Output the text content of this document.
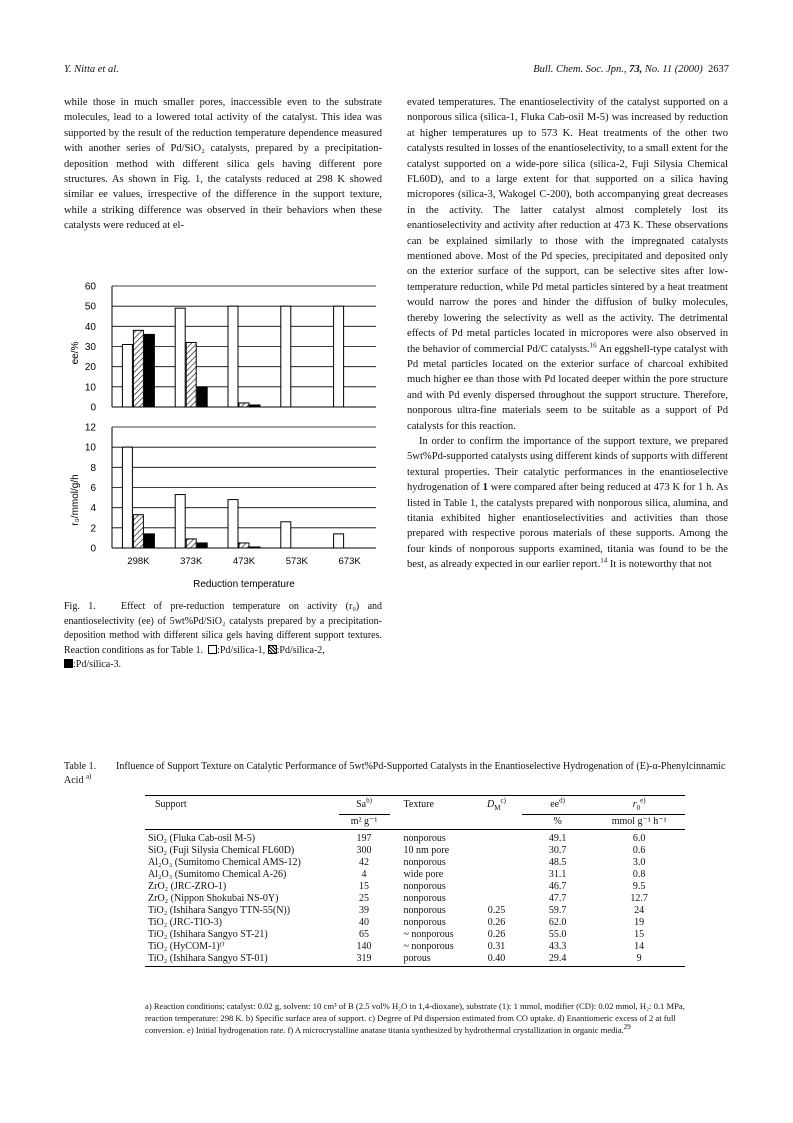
Y. Nitta et al.	Bull. Chem. Soc. Jpn., 73, No. 11 (2000) 2637

while those in much smaller pores, inaccessible even to the substrate molecules, lead to a lowered total activity of the catalyst. This idea was supported by the result of the reduction temperature dependence measured with another series of Pd/SiO₂ catalysts, prepared by a precipitation-deposition method with different silica gels having different pore structures. As shown in Fig. 1, the catalysts reduced at 298 K showed similar ee values, irrespective of the difference in the support texture, while a striking difference was observed in their behaviors when these catalysts were reduced at el-

0
10
20
30
40
50
60
0
2
4
6
8
10
12
298K	373K	473K	573K	673K
ee/%
r₀/mmol/g/h
Reduction temperature

Fig. 1.	Effect of pre-reduction temperature on activity (r₀) and enantioselectivity (ee) of 5wt%Pd/SiO₂ catalysts prepared by a precipitation-deposition method with different silica gels having different support textures. Reaction conditions as for Table 1. :Pd/silica-1, :Pd/silica-2,
:Pd/silica-3.

evated temperatures. The enantioselectivity of the catalyst supported on a nonporous silica (silica-1, Fluka Cab-osil M-5) was increased by reduction at higher temperatures up to 573 K. Heat treatments of the other two catalysts resulted in losses of the enantioselectivity, to a small extent for the catalyst supported on a wide-pore silica (silica-2, Fuji Silysia Chemical FL60D), and to a large extent for that supported on a silica having micropores (silica-3, Wakogel C-200), both accompanying great decreases in the activity. The latter catalyst almost completely lost its enantioselectivity and activity after reduction at 473 K. These observations can be explained similarly to those with the impregnated catalysts mentioned above. Most of the Pd species, precipitated and deposited only on the exterior surface of the support, can be selective sites after low-temperature reduction, while Pd metal particles sintered by a heat treatment would narrow the pores and hinder the diffusion of bulky molecules, thereby lowering the selectivity as well as the activity. The detrimental effects of Pd metal particles located in micropores were also observed in the behavior of commercial Pd/C catalysts.$^{16}$ An eggshell-type catalyst with Pd metal particles located on the exterior surface of charcoal exhibited much higher ee than those with Pd located deeper within the pore structure and with Pd evenly dispersed throughout the support structure. Therefore, nonporous ultra-fine materials seem to be suitable as a support of Pd catalysts for this reaction.

In order to confirm the importance of the support texture, we prepared 5wt%Pd-supported catalysts using different kinds of supports with different textural properties. Their catalytic performances in the enantioselective hydrogenation of 1 were compared after being reduced at 473 K for 1 h. As listed in Table 1, the catalysts prepared with nonporous silica, alumina, and titania exhibited higher enantioselectivities and activities than those prepared with respective porous materials of these supports. Among the four kinds of nonporous supports examined, titania was found to be the best, as already expected in our earlier report.$^{14}$ It is noteworthy that not

Table 1. Influence of Support Texture on Catalytic Performance of 5wt%Pd-Supported Catalysts in the Enantioselective Hydrogenation of (E)-α-Phenylcinnamic Acid $^{a)}$
Support	Sa$^{b)}$	Texture	$D_M^{c)}$	$ee^{d)}$	$r_0^{e)}$
	m² g⁻¹			%	mmol g⁻¹ h⁻¹
SiO₂ (Fluka Cab-osil M-5)	197	nonporous		49.1	6.0
SiO₂ (Fuji Silysia Chemical FL60D)	300	10 nm pore		30.7	0.6
Al₂O₃ (Sumitomo Chemical AMS-12)	42	nonporous		48.5	3.0
Al₂O₃ (Sumitomo Chemical A-26)	4	wide pore		31.1	0.8
ZrO₂ (JRC-ZRO-1)	15	nonporous		46.7	9.5
ZrO₂ (Nippon Shokubai NS-0Y)	25	nonporous		47.7	12.7
TiO₂ (Ishihara Sangyo TTN-55(N))	39	nonporous	0.25	59.7	24
TiO₂ (JRC-TIO-3)	40	nonporous	0.26	62.0	19
TiO₂ (Ishihara Sangyo ST-21)	65	~ nonporous	0.26	55.0	15
TiO₂ (HyCOM-1)ᶠ⁾	140	~ nonporous	0.31	43.3	14
TiO₂ (Ishihara Sangyo ST-01)	319	porous	0.40	29.4	9
a) Reaction conditions; catalyst: 0.02 g, solvent: 10 cm³ of B (2.5 vol% H₂O in 1,4-dioxane), substrate (1): 1 mmol, modifier (CD): 0.02 mmol, H₂: 0.1 MPa, reaction temperature: 298 K. b) Specific surface area of support. c) Degree of Pd dispersion estimated from CO uptake. d) Enantiomeric excess of 2 at full conversion. e) Initial hydrogenation rate. f) A microcrystalline anatase titania synthesized by hydrothermal crystallization in organic media.$^{29}$
